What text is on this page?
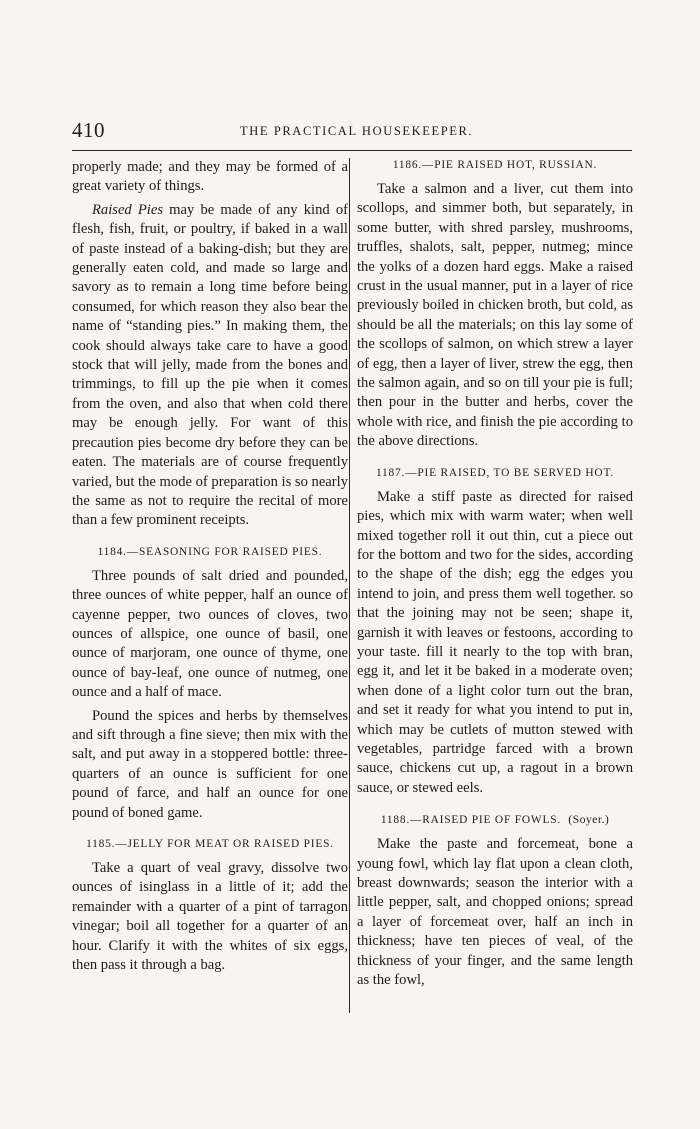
410	THE PRACTICAL HOUSEKEEPER.

properly made; and they may be formed of a great variety of things.

Raised Pies may be made of any kind of flesh, fish, fruit, or poultry, if baked in a wall of paste instead of a baking-dish; but they are generally eaten cold, and made so large and savory as to remain a long time before being consumed, for which reason they also bear the name of “standing pies.” In making them, the cook should always take care to have a good stock that will jelly, made from the bones and trimmings, to fill up the pie when it comes from the oven, and also that when cold there may be enough jelly. For want of this precaution pies become dry before they can be eaten. The materials are of course frequently varied, but the mode of preparation is so nearly the same as not to require the recital of more than a few prominent receipts.

1184.—SEASONING FOR RAISED PIES.

Three pounds of salt dried and pounded, three ounces of white pepper, half an ounce of cayenne pepper, two ounces of cloves, two ounces of allspice, one ounce of basil, one ounce of marjoram, one ounce of thyme, one ounce of bay-leaf, one ounce of nutmeg, one ounce and a half of mace.

Pound the spices and herbs by themselves and sift through a fine sieve; then mix with the salt, and put away in a stoppered bottle: three-quarters of an ounce is sufficient for one pound of farce, and half an ounce for one pound of boned game.

1185.—JELLY FOR MEAT OR RAISED PIES.

Take a quart of veal gravy, dissolve two ounces of isinglass in a little of it; add the remainder with a quarter of a pint of tarragon vinegar; boil all together for a quarter of an hour. Clarify it with the whites of six eggs, then pass it through a bag.

1186.—PIE RAISED HOT, RUSSIAN.

Take a salmon and a liver, cut them into scollops, and simmer both, but separately, in some butter, with shred parsley, mushrooms, truffles, shalots, salt, pepper, nutmeg; mince the yolks of a dozen hard eggs. Make a raised crust in the usual manner, put in a layer of rice previously boiled in chicken broth, but cold, as should be all the materials; on this lay some of the scollops of salmon, on which strew a layer of egg, then a layer of liver, strew the egg, then the salmon again, and so on till your pie is full; then pour in the butter and herbs, cover the whole with rice, and finish the pie according to the above directions.

1187.—PIE RAISED, TO BE SERVED HOT.

Make a stiff paste as directed for raised pies, which mix with warm water; when well mixed together roll it out thin, cut a piece out for the bottom and two for the sides, according to the shape of the dish; egg the edges you intend to join, and press them well together. so that the joining may not be seen; shape it, garnish it with leaves or festoons, according to your taste. fill it nearly to the top with bran, egg it, and let it be baked in a moderate oven; when done of a light color turn out the bran, and set it ready for what you intend to put in, which may be cutlets of mutton stewed with vegetables, partridge farced with a brown sauce, chickens cut up, a ragout in a brown sauce, or stewed eels.

1188.—RAISED PIE OF FOWLS. (Soyer.)

Make the paste and forcemeat, bone a young fowl, which lay flat upon a clean cloth, breast downwards; season the interior with a little pepper, salt, and chopped onions; spread a layer of forcemeat over, half an inch in thickness; have ten pieces of veal, of the thickness of your finger, and the same length as the fowl,
